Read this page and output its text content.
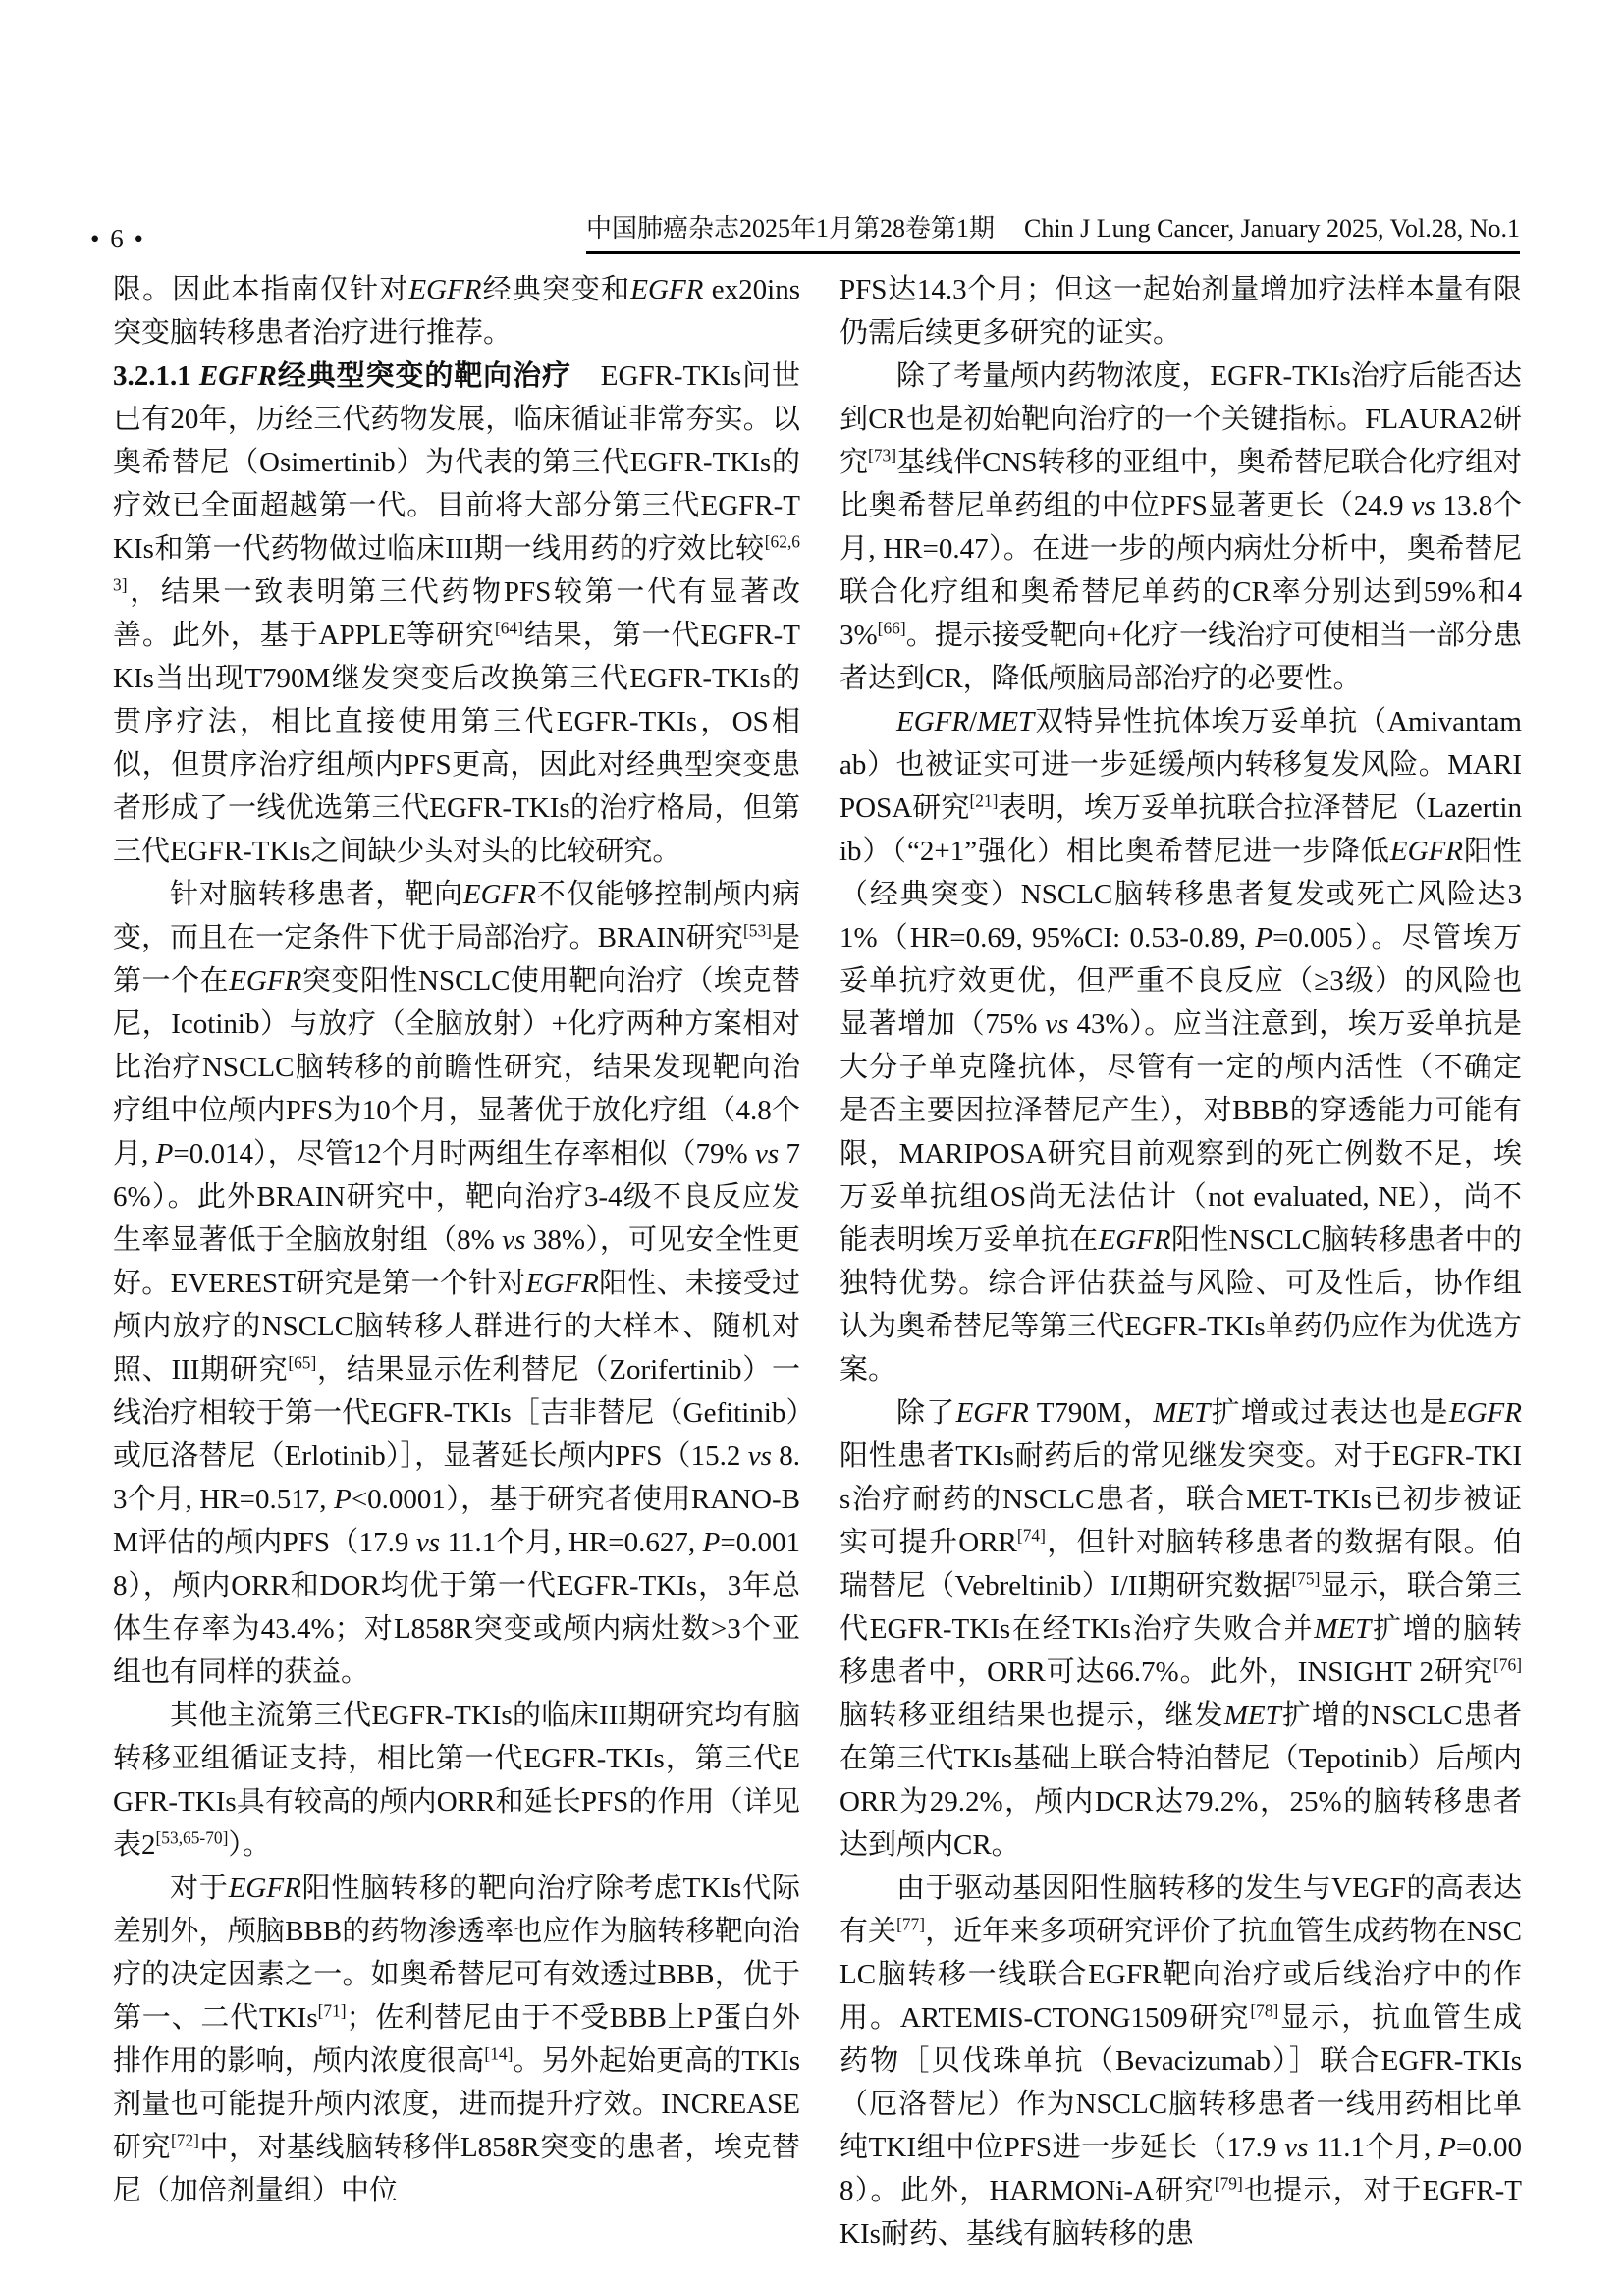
• 6 •	中国肺癌杂志2025年1月第28卷第1期 Chin J Lung Cancer, January 2025, Vol.28, No.1

限。因此本指南仅针对EGFR经典突变和EGFR ex20ins突变脑转移患者治疗进行推荐。

3.2.1.1 EGFR经典型突变的靶向治疗　EGFR-TKIs问世已有20年，历经三代药物发展，临床循证非常夯实。以奥希替尼（Osimertinib）为代表的第三代EGFR-TKIs的疗效已全面超越第一代。目前将大部分第三代EGFR-TKIs和第一代药物做过临床III期一线用药的疗效比较[62,63]，结果一致表明第三代药物PFS较第一代有显著改善。此外，基于APPLE等研究[64]结果，第一代EGFR-TKIs当出现T790M继发突变后改换第三代EGFR-TKIs的贯序疗法，相比直接使用第三代EGFR-TKIs，OS相似，但贯序治疗组颅内PFS更高，因此对经典型突变患者形成了一线优选第三代EGFR-TKIs的治疗格局，但第三代EGFR-TKIs之间缺少头对头的比较研究。

针对脑转移患者，靶向EGFR不仅能够控制颅内病变，而且在一定条件下优于局部治疗。BRAIN研究[53]是第一个在EGFR突变阳性NSCLC使用靶向治疗（埃克替尼，Icotinib）与放疗（全脑放射）+化疗两种方案相对比治疗NSCLC脑转移的前瞻性研究，结果发现靶向治疗组中位颅内PFS为10个月，显著优于放化疗组（4.8个月, P=0.014），尽管12个月时两组生存率相似（79% vs 76%）。此外BRAIN研究中，靶向治疗3-4级不良反应发生率显著低于全脑放射组（8% vs 38%），可见安全性更好。EVEREST研究是第一个针对EGFR阳性、未接受过颅内放疗的NSCLC脑转移人群进行的大样本、随机对照、III期研究[65]，结果显示佐利替尼（Zorifertinib）一线治疗相较于第一代EGFR-TKIs［吉非替尼（Gefitinib）或厄洛替尼（Erlotinib）］，显著延长颅内PFS（15.2 vs 8.3个月, HR=0.517, P<0.0001），基于研究者使用RANO-BM评估的颅内PFS（17.9 vs 11.1个月, HR=0.627, P=0.0018），颅内ORR和DOR均优于第一代EGFR-TKIs，3年总体生存率为43.4%；对L858R突变或颅内病灶数>3个亚组也有同样的获益。

其他主流第三代EGFR-TKIs的临床III期研究均有脑转移亚组循证支持，相比第一代EGFR-TKIs，第三代EGFR-TKIs具有较高的颅内ORR和延长PFS的作用（详见表2[53,65-70]）。

对于EGFR阳性脑转移的靶向治疗除考虑TKIs代际差别外，颅脑BBB的药物渗透率也应作为脑转移靶向治疗的决定因素之一。如奥希替尼可有效透过BBB，优于第一、二代TKIs[71]；佐利替尼由于不受BBB上P蛋白外排作用的影响，颅内浓度很高[14]。另外起始更高的TKIs剂量也可能提升颅内浓度，进而提升疗效。INCREASE研究[72]中，对基线脑转移伴L858R突变的患者，埃克替尼（加倍剂量组）中位

PFS达14.3个月；但这一起始剂量增加疗法样本量有限仍需后续更多研究的证实。

除了考量颅内药物浓度，EGFR-TKIs治疗后能否达到CR也是初始靶向治疗的一个关键指标。FLAURA2研究[73]基线伴CNS转移的亚组中，奥希替尼联合化疗组对比奥希替尼单药组的中位PFS显著更长（24.9 vs 13.8个月, HR=0.47）。在进一步的颅内病灶分析中，奥希替尼联合化疗组和奥希替尼单药的CR率分别达到59%和43%[66]。提示接受靶向+化疗一线治疗可使相当一部分患者达到CR，降低颅脑局部治疗的必要性。

EGFR/MET双特异性抗体埃万妥单抗（Amivantamab）也被证实可进一步延缓颅内转移复发风险。MARIPOSA研究[21]表明，埃万妥单抗联合拉泽替尼（Lazertinib）（“2+1”强化）相比奥希替尼进一步降低EGFR阳性（经典突变）NSCLC脑转移患者复发或死亡风险达31%（HR=0.69, 95%CI: 0.53-0.89, P=0.005）。尽管埃万妥单抗疗效更优，但严重不良反应（≥3级）的风险也显著增加（75% vs 43%）。应当注意到，埃万妥单抗是大分子单克隆抗体，尽管有一定的颅内活性（不确定是否主要因拉泽替尼产生），对BBB的穿透能力可能有限，MARIPOSA研究目前观察到的死亡例数不足，埃万妥单抗组OS尚无法估计（not evaluated, NE），尚不能表明埃万妥单抗在EGFR阳性NSCLC脑转移患者中的独特优势。综合评估获益与风险、可及性后，协作组认为奥希替尼等第三代EGFR-TKIs单药仍应作为优选方案。

除了EGFR T790M，MET扩增或过表达也是EGFR阳性患者TKIs耐药后的常见继发突变。对于EGFR-TKIs治疗耐药的NSCLC患者，联合MET-TKIs已初步被证实可提升ORR[74]，但针对脑转移患者的数据有限。伯瑞替尼（Vebreltinib）I/II期研究数据[75]显示，联合第三代EGFR-TKIs在经TKIs治疗失败合并MET扩增的脑转移患者中，ORR可达66.7%。此外，INSIGHT 2研究[76]脑转移亚组结果也提示，继发MET扩增的NSCLC患者在第三代TKIs基础上联合特泊替尼（Tepotinib）后颅内ORR为29.2%，颅内DCR达79.2%，25%的脑转移患者达到颅内CR。

由于驱动基因阳性脑转移的发生与VEGF的高表达有关[77]，近年来多项研究评价了抗血管生成药物在NSCLC脑转移一线联合EGFR靶向治疗或后线治疗中的作用。ARTEMIS-CTONG1509研究[78]显示，抗血管生成药物［贝伐珠单抗（Bevacizumab）］联合EGFR-TKIs（厄洛替尼）作为NSCLC脑转移患者一线用药相比单纯TKI组中位PFS进一步延长（17.9 vs 11.1个月, P=0.008）。此外，HARMONi-A研究[79]也提示，对于EGFR-TKIs耐药、基线有脑转移的患
